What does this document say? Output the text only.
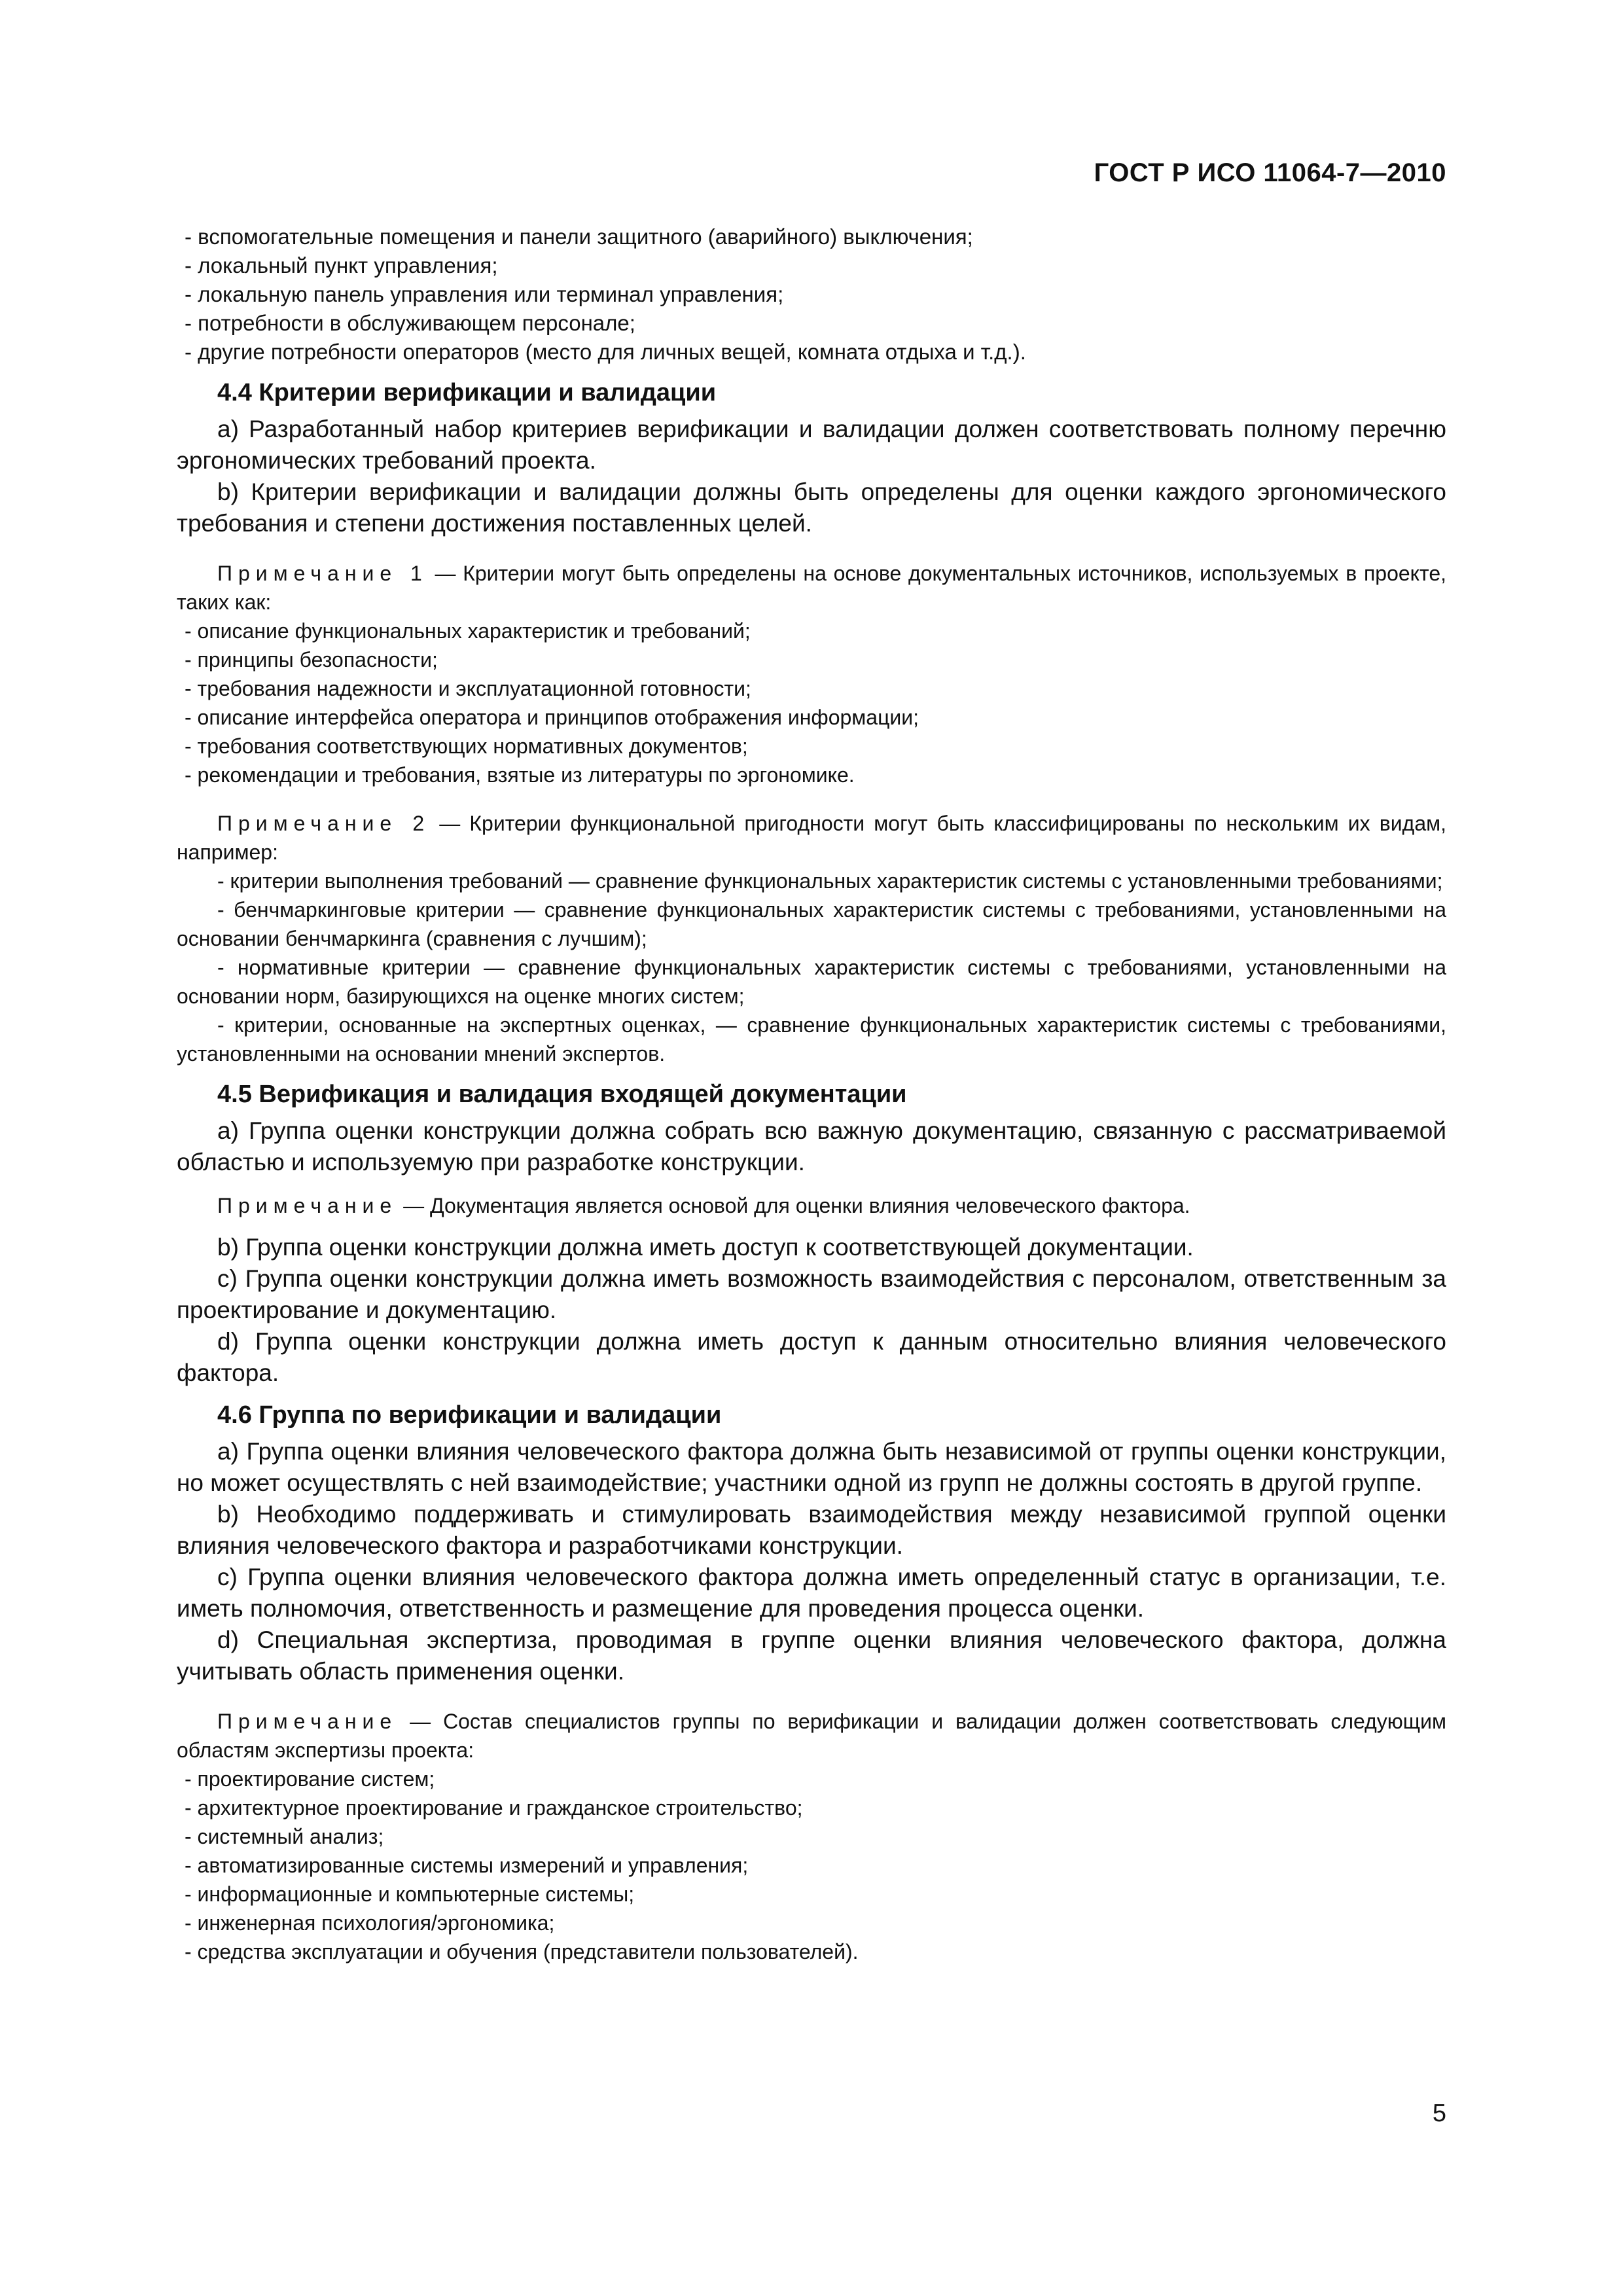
ГОСТ Р ИСО 11064-7—2010

- вспомогательные помещения и панели защитного (аварийного) выключения;

- локальный пункт управления;

- локальную панель управления или терминал управления;

- потребности в обслуживающем персонале;

- другие потребности операторов (место для личных вещей, комната отдыха и т.д.).

4.4 Критерии верификации и валидации

а) Разработанный набор критериев верификации и валидации должен соответствовать полному перечню эргономических требований проекта.

b) Критерии верификации и валидации должны быть определены для оценки каждого эргономического требования и степени достижения поставленных целей.

Примечание 1 — Критерии могут быть определены на основе документальных источников, используемых в проекте, таких как:

- описание функциональных характеристик и требований;

- принципы безопасности;

- требования надежности и эксплуатационной готовности;

- описание интерфейса оператора и принципов отображения информации;

- требования соответствующих нормативных документов;

- рекомендации и требования, взятые из литературы по эргономике.

Примечание 2 — Критерии функциональной пригодности могут быть классифицированы по нескольким их видам, например:

- критерии выполнения требований — сравнение функциональных характеристик системы с установленными требованиями;

- бенчмаркинговые критерии — сравнение функциональных характеристик системы с требованиями, установленными на основании бенчмаркинга (сравнения с лучшим);

- нормативные критерии — сравнение функциональных характеристик системы с требованиями, установленными на основании норм, базирующихся на оценке многих систем;

- критерии, основанные на экспертных оценках, — сравнение функциональных характеристик системы с требованиями, установленными на основании мнений экспертов.

4.5 Верификация и валидация входящей документации

а) Группа оценки конструкции должна собрать всю важную документацию, связанную с рассматриваемой областью и используемую при разработке конструкции.

Примечание — Документация является основой для оценки влияния человеческого фактора.

b) Группа оценки конструкции должна иметь доступ к соответствующей документации.

с) Группа оценки конструкции должна иметь возможность взаимодействия с персоналом, ответственным за проектирование и документацию.

d) Группа оценки конструкции должна иметь доступ к данным относительно влияния человеческого фактора.

4.6 Группа по верификации и валидации

а) Группа оценки влияния человеческого фактора должна быть независимой от группы оценки конструкции, но может осуществлять с ней взаимодействие; участники одной из групп не должны состоять в другой группе.

b) Необходимо поддерживать и стимулировать взаимодействия между независимой группой оценки влияния человеческого фактора и разработчиками конструкции.

с) Группа оценки влияния человеческого фактора должна иметь определенный статус в организации, т.е. иметь полномочия, ответственность и размещение для проведения процесса оценки.

d) Специальная экспертиза, проводимая в группе оценки влияния человеческого фактора, должна учитывать область применения оценки.

Примечание — Состав специалистов группы по верификации и валидации должен соответствовать следующим областям экспертизы проекта:

- проектирование систем;

- архитектурное проектирование и гражданское строительство;

- системный анализ;

- автоматизированные системы измерений и управления;

- информационные и компьютерные системы;

- инженерная психология/эргономика;

- средства эксплуатации и обучения (представители пользователей).

5
